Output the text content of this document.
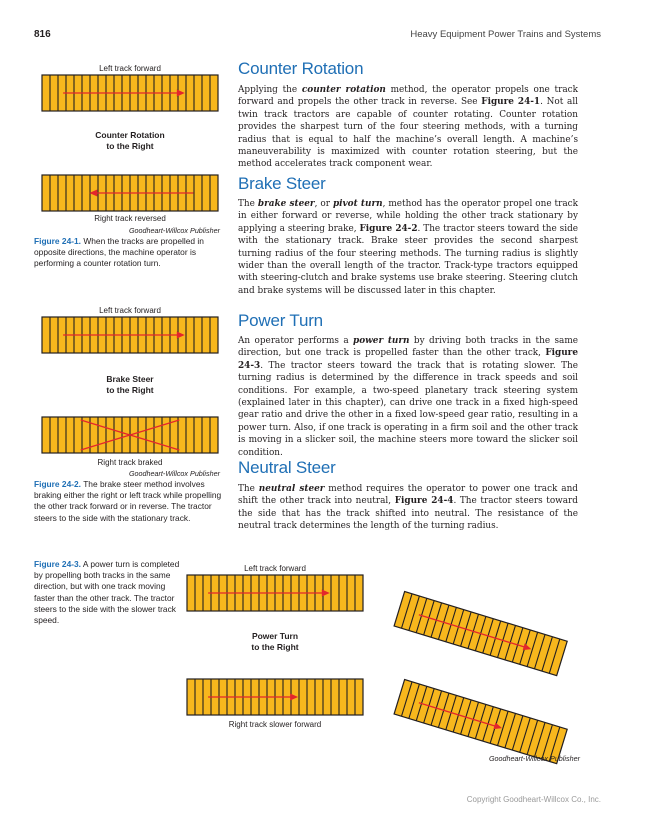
816	Heavy Equipment Power Trains and Systems
Left track forward
Counter Rotation
to the Right
Right track reversed
Goodheart-Willcox Publisher
Figure 24-1. When the tracks are propelled in opposite directions, the machine operator is performing a counter rotation turn.
Left track forward
Brake Steer
to the Right
Right track braked
Goodheart-Willcox Publisher
Figure 24-2. The brake steer method involves braking either the right or left track while propelling the other track forward or in reverse. The tractor steers to the side with the stationary track.
Figure 24-3. A power turn is completed by propelling both tracks in the same direction, but with one track moving faster than the other track. The tractor steers to the side with the slower track speed.
Left track forward
Power Turn
to the Right
Right track slower forward
Goodheart-Willcox Publisher
Counter Rotation
Applying the counter rotation method, the operator propels one track forward and propels the other track in reverse. See Figure 24-1. Not all twin track tractors are capable of counter rotating. Counter rotation provides the sharpest turn of the four steering methods, with a turning radius that is equal to half the machine’s overall length. A machine’s maneuverability is maximized with counter rotation steering, but the method accelerates track component wear.
Brake Steer
The brake steer, or pivot turn, method has the operator propel one track in either forward or reverse, while holding the other track stationary by applying a steering brake, Figure 24-2. The tractor steers toward the side with the stationary track. Brake steer provides the second sharpest turning radius of the four steering methods. The turning radius is slightly wider than the overall length of the tractor. Track-type tractors equipped with steering-clutch and brake systems use brake steering. Steering clutch and brake systems will be discussed later in this chapter.
Power Turn
An operator performs a power turn by driving both tracks in the same direction, but one track is propelled faster than the other track, Figure 24-3. The tractor steers toward the track that is rotating slower. The turning radius is determined by the difference in track speeds and soil conditions. For example, a two-speed planetary track steering system (explained later in this chapter), can drive one track in a fixed high-speed gear ratio and drive the other in a fixed low-speed gear ratio, resulting in a power turn. Also, if one track is operating in a firm soil and the other track is moving in a slicker soil, the machine steers more toward the slicker soil condition.
Neutral Steer
The neutral steer method requires the operator to power one track and shift the other track into neutral, Figure 24-4. The tractor steers toward the side that has the track shifted into neutral. The resistance of the neutral track determines the length of the turning radius.
Copyright Goodheart-Willcox Co., Inc.
